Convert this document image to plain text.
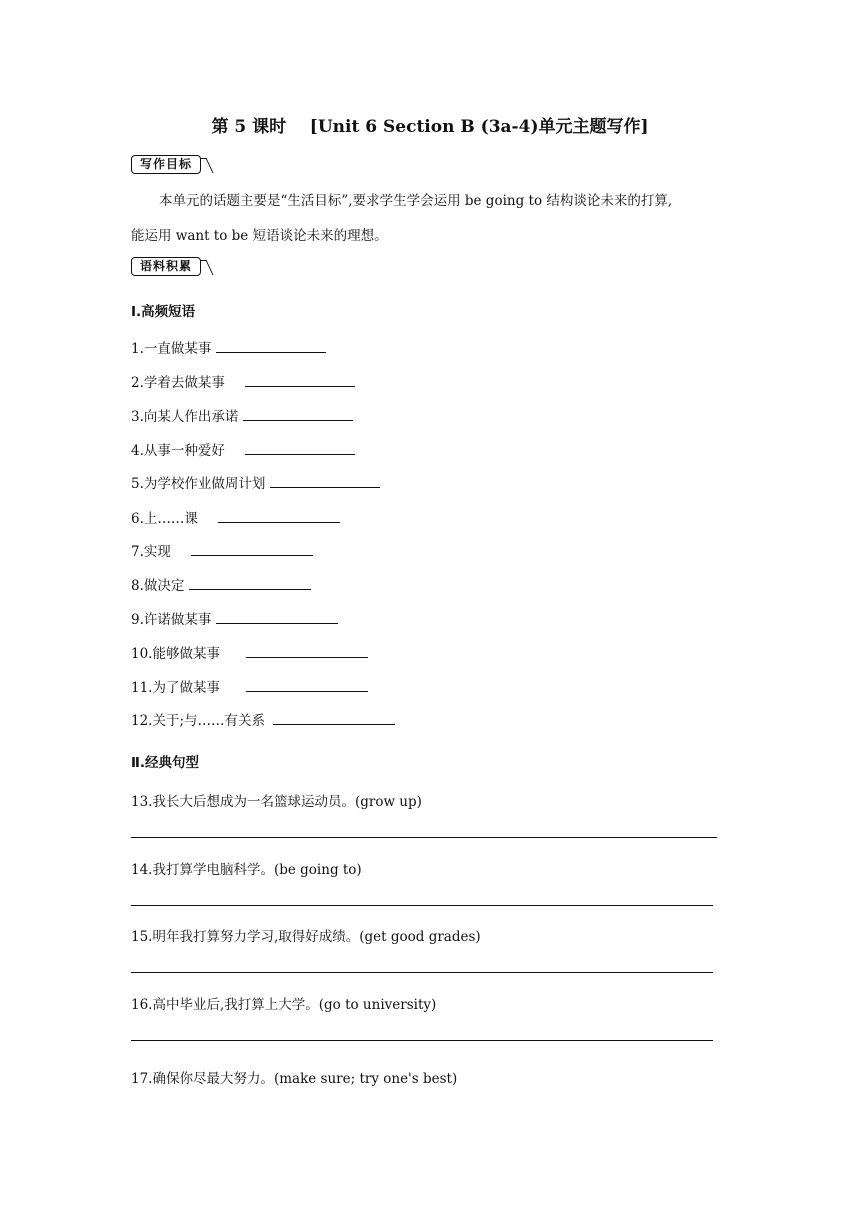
第 5 课时    [Unit 6 Section B (3a-4)单元主题写作]
写作目标
本单元的话题主要是“生活目标”,要求学生学会运用 be going to 结构谈论未来的打算,
能运用 want to be 短语谈论未来的理想。
语料积累
Ⅰ.高频短语
1.一直做某事
2.学着去做某事
3.向某人作出承诺
4.从事一种爱好
5.为学校作业做周计划
6.上……课
7.实现
8.做决定
9.许诺做某事
10.能够做某事
11.为了做某事
12.关于;与……有关系
Ⅱ.经典句型
13.我长大后想成为一名篮球运动员。(grow up)
14.我打算学电脑科学。(be going to)
15.明年我打算努力学习,取得好成绩。(get good grades)
16.高中毕业后,我打算上大学。(go to university)
17.确保你尽最大努力。(make sure; try one's best)
